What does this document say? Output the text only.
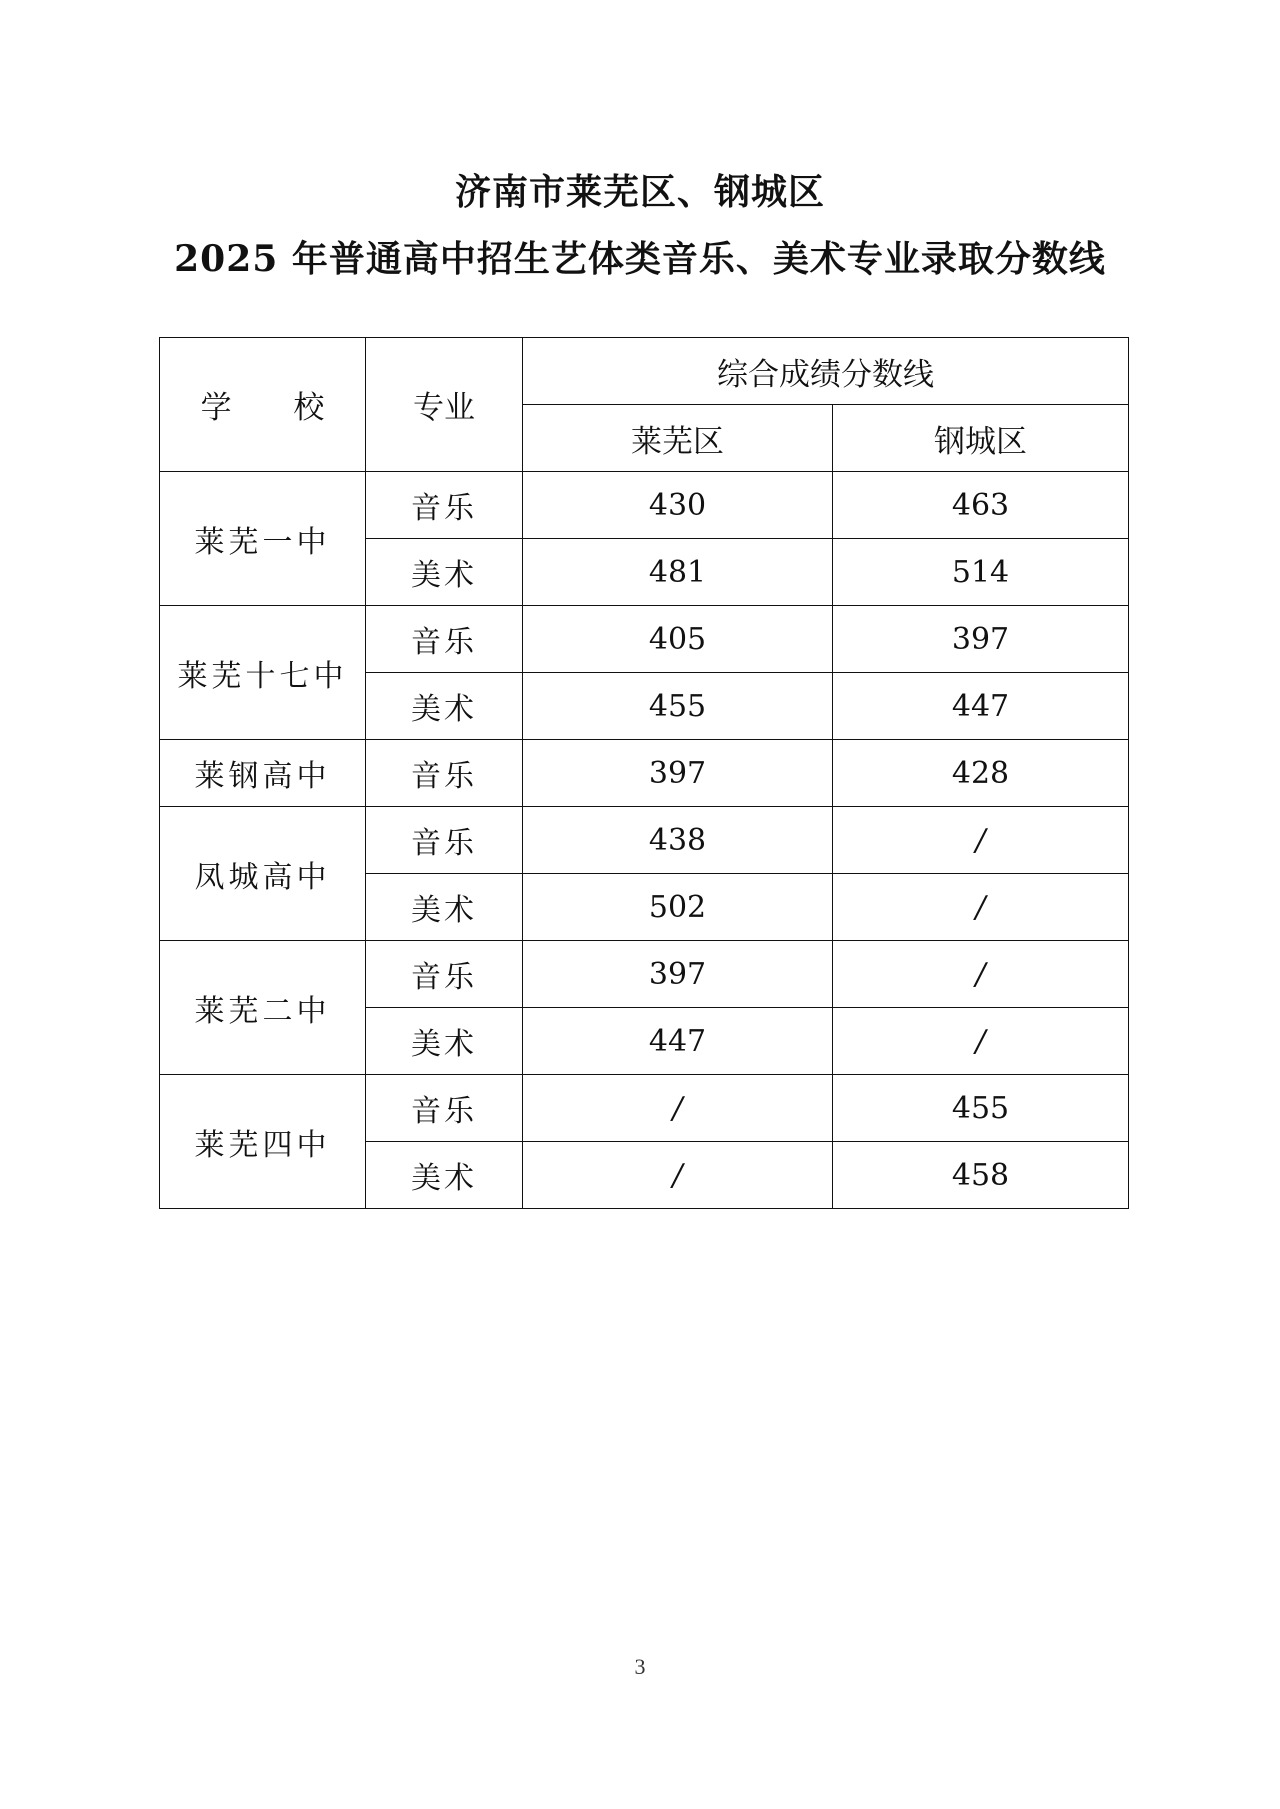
济南市莱芜区、钢城区
2025 年普通高中招生艺体类音乐、美术专业录取分数线
学 校	专业	综合成绩分数线	
		莱芜区	钢城区
莱芜一中	音乐	430	463
	美术	481	514
莱芜十七中	音乐	405	397
	美术	455	447
莱钢高中	音乐	397	428
凤城高中	音乐	438	/
	美术	502	/
莱芜二中	音乐	397	/
	美术	447	/
莱芜四中	音乐	/	455
	美术	/	458
3
